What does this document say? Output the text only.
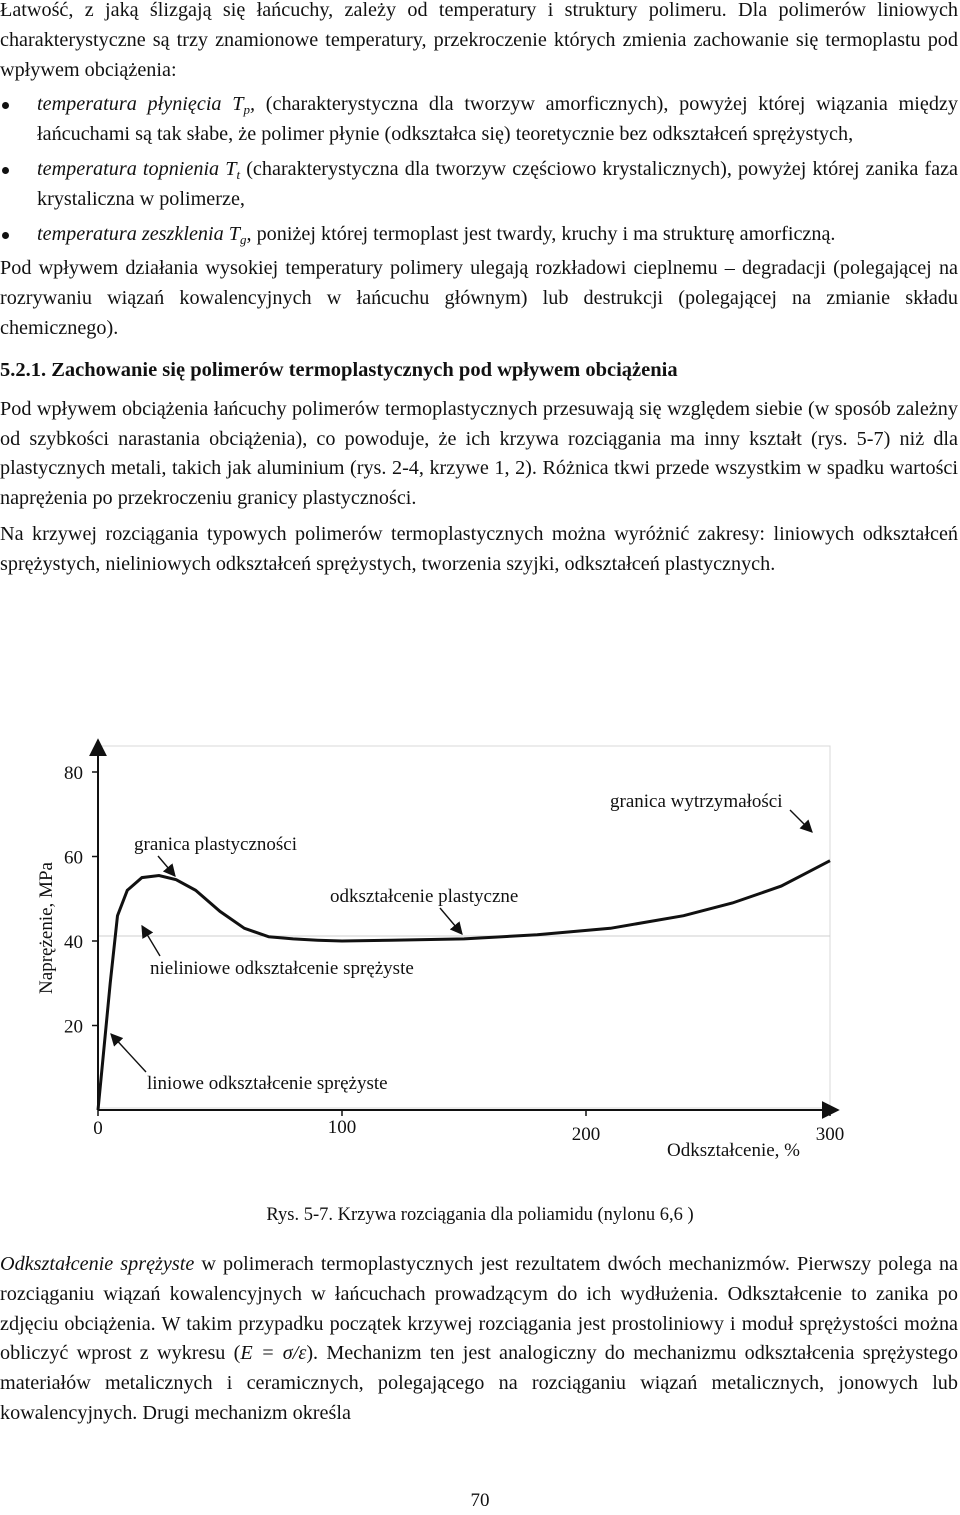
Łatwość, z jaką ślizgają się łańcuchy, zależy od temperatury i struktury polimeru. Dla polimerów liniowych charakterystyczne są trzy znamionowe temperatury, przekroczenie których zmienia zachowanie się termoplastu pod wpływem obciążenia:

temperatura płynięcia $T_p$, (charakterystyczna dla tworzyw amorficznych), powyżej której wiązania między łańcuchami są tak słabe, że polimer płynie (odkształca się) teoretycznie bez odkształceń sprężystych,
temperatura topnienia $T_t$ (charakterystyczna dla tworzyw częściowo krystalicznych), powyżej której zanika faza krystaliczna w polimerze,
temperatura zeszklenia $T_g$, poniżej której termoplast jest twardy, kruchy i ma strukturę amorficzną.

Pod wpływem działania wysokiej temperatury polimery ulegają rozkładowi cieplnemu – degradacji (polegającej na rozrywaniu wiązań kowalencyjnych w łańcuchu głównym) lub destrukcji (polegającej na zmianie składu chemicznego).

5.2.1. Zachowanie się polimerów termoplastycznych pod wpływem obciążenia

Pod wpływem obciążenia łańcuchy polimerów termoplastycznych przesuwają się względem siebie (w sposób zależny od szybkości narastania obciążenia), co powoduje, że ich krzywa rozciągania ma inny kształt (rys. 5-7) niż dla plastycznych metali, takich jak aluminium (rys. 2-4, krzywe 1, 2). Różnica tkwi przede wszystkim w spadku wartości naprężenia po przekroczeniu granicy plastyczności.

Na krzywej rozciągania typowych polimerów termoplastycznych można wyróżnić zakresy: liniowych odkształceń sprężystych, nieliniowych odkształceń sprężystych, tworzenia szyjki, odkształceń plastycznych.

80
60
40
20
0	100	200	300
Naprężenie, MPa
Odkształcenie, %
granica wytrzymałości
granica plastyczności
odkształcenie plastyczne
nieliniowe odkształcenie sprężyste
liniowe odkształcenie sprężyste
Rys. 5-7. Krzywa rozciągania dla poliamidu (nylonu 6,6 )

Odkształcenie sprężyste w polimerach termoplastycznych jest rezultatem dwóch mechanizmów. Pierwszy polega na rozciąganiu wiązań kowalencyjnych w łańcuchach prowadzącym do ich wydłużenia. Odkształcenie to zanika po zdjęciu obciążenia. W takim przypadku początek krzywej rozciągania jest prostoliniowy i moduł sprężystości można obliczyć wprost z wykresu (E = σ/ε). Mechanizm ten jest analogiczny do mechanizmu odkształcenia sprężystego materiałów metalicznych i ceramicznych, polegającego na rozciąganiu wiązań metalicznych, jonowych lub kowalencyjnych. Drugi mechanizm określa

70
